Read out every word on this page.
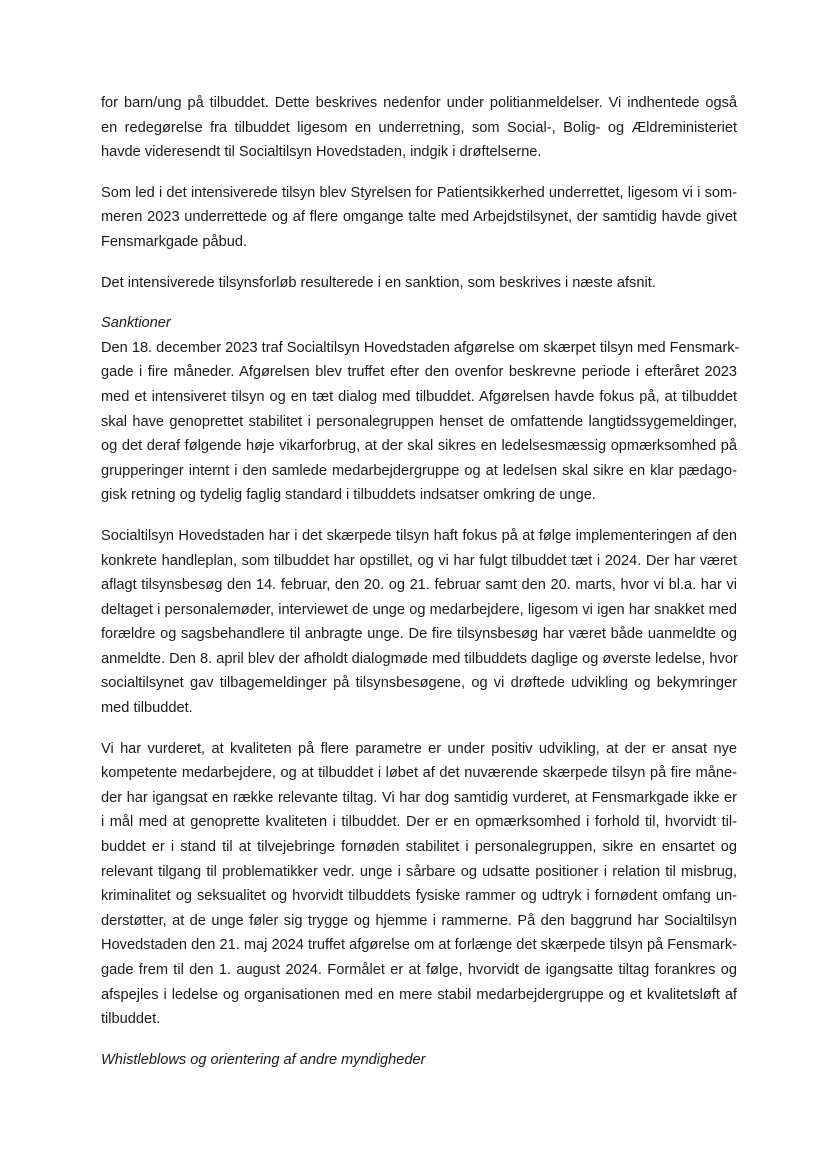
for barn/ung på tilbuddet. Dette beskrives nedenfor under politianmeldelser. Vi indhentede også
en redegørelse fra tilbuddet ligesom en underretning, som Social-, Bolig- og Ældreministeriet
havde videresendt til Socialtilsyn Hovedstaden, indgik i drøftelserne.
Som led i det intensiverede tilsyn blev Styrelsen for Patientsikkerhed underrettet, ligesom vi i som-
meren 2023 underrettede og af flere omgange talte med Arbejdstilsynet, der samtidig havde givet
Fensmarkgade påbud.
Det intensiverede tilsynsforløb resulterede i en sanktion, som beskrives i næste afsnit.
Sanktioner
Den 18. december 2023 traf Socialtilsyn Hovedstaden afgørelse om skærpet tilsyn med Fensmark-
gade i fire måneder. Afgørelsen blev truffet efter den ovenfor beskrevne periode i efteråret 2023
med et intensiveret tilsyn og en tæt dialog med tilbuddet. Afgørelsen havde fokus på, at tilbuddet
skal have genoprettet stabilitet i personalegruppen henset de omfattende langtidssygemeldinger,
og det deraf følgende høje vikarforbrug, at der skal sikres en ledelsesmæssig opmærksomhed på
grupperinger internt i den samlede medarbejdergruppe og at ledelsen skal sikre en klar pædago-
gisk retning og tydelig faglig standard i tilbuddets indsatser omkring de unge.
Socialtilsyn Hovedstaden har i det skærpede tilsyn haft fokus på at følge implementeringen af den
konkrete handleplan, som tilbuddet har opstillet, og vi har fulgt tilbuddet tæt i 2024. Der har været
aflagt tilsynsbesøg den 14. februar, den 20. og 21. februar samt den 20. marts, hvor vi bl.a. har vi
deltaget i personalemøder, interviewet de unge og medarbejdere, ligesom vi igen har snakket med
forældre og sagsbehandlere til anbragte unge. De fire tilsynsbesøg har været både uanmeldte og
anmeldte. Den 8. april blev der afholdt dialogmøde med tilbuddets daglige og øverste ledelse, hvor
socialtilsynet gav tilbagemeldinger på tilsynsbesøgene, og vi drøftede udvikling og bekymringer
med tilbuddet.
Vi har vurderet, at kvaliteten på flere parametre er under positiv udvikling, at der er ansat nye
kompetente medarbejdere, og at tilbuddet i løbet af det nuværende skærpede tilsyn på fire måne-
der har igangsat en række relevante tiltag. Vi har dog samtidig vurderet, at Fensmarkgade ikke er
i mål med at genoprette kvaliteten i tilbuddet. Der er en opmærksomhed i forhold til, hvorvidt til-
buddet er i stand til at tilvejebringe fornøden stabilitet i personalegruppen, sikre en ensartet og
relevant tilgang til problematikker vedr. unge i sårbare og udsatte positioner i relation til misbrug,
kriminalitet og seksualitet og hvorvidt tilbuddets fysiske rammer og udtryk i fornødent omfang un-
derstøtter, at de unge føler sig trygge og hjemme i rammerne. På den baggrund har Socialtilsyn
Hovedstaden den 21. maj 2024 truffet afgørelse om at forlænge det skærpede tilsyn på Fensmark-
gade frem til den 1. august 2024. Formålet er at følge, hvorvidt de igangsatte tiltag forankres og
afspejles i ledelse og organisationen med en mere stabil medarbejdergruppe og et kvalitetsløft af
tilbuddet.
Whistleblows og orientering af andre myndigheder
